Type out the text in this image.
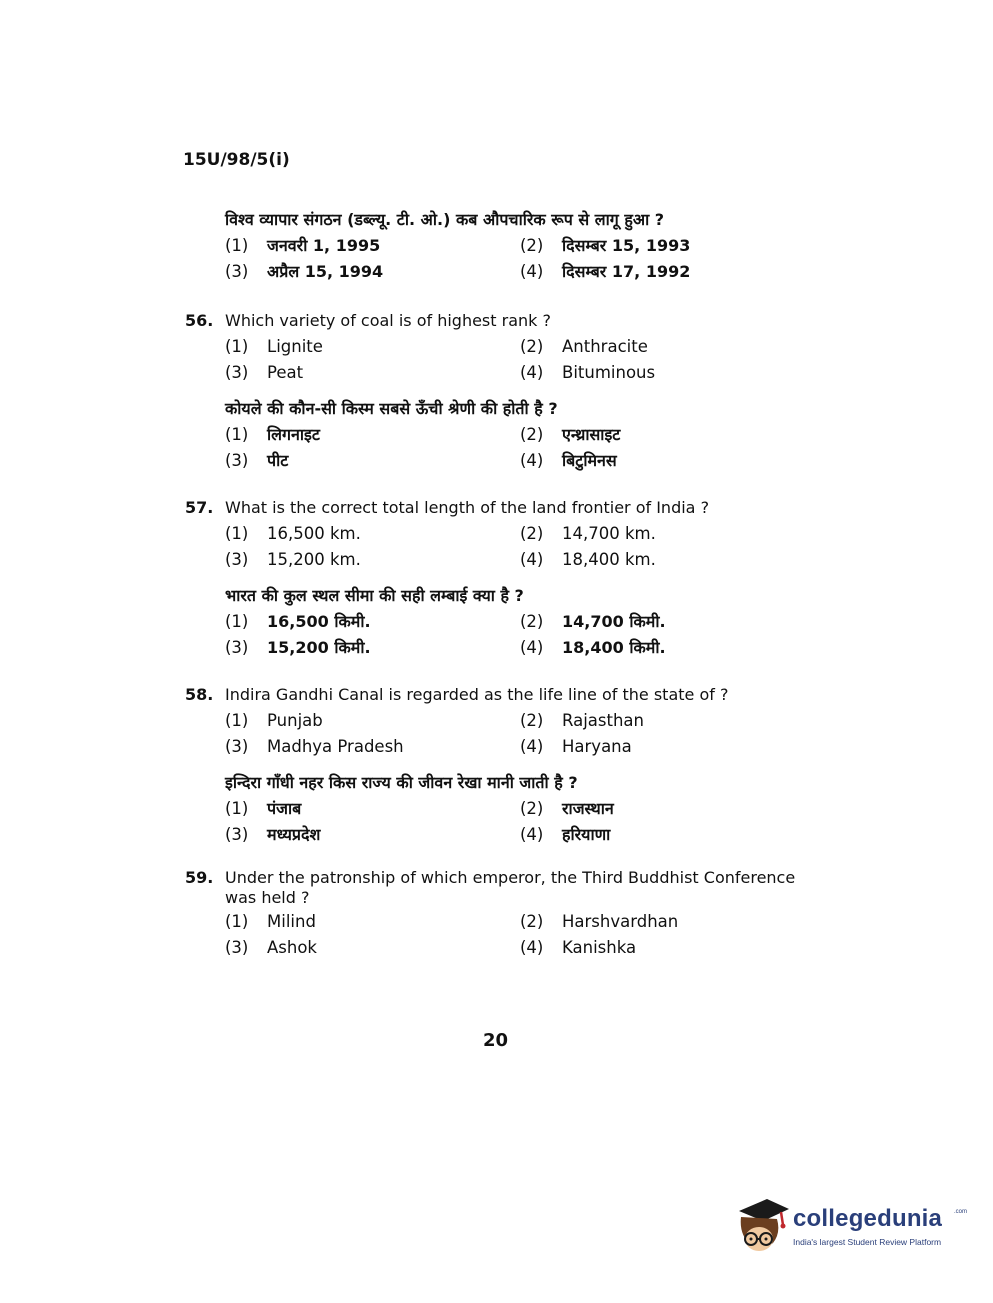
15U/98/5(i)
विश्व व्यापार संगठन (डब्ल्यू. टी. ओ.) कब औपचारिक रूप से लागू हुआ ?
(1) जनवरी 1, 1995	(2) दिसम्बर 15, 1993
(3) अप्रैल 15, 1994	(4) दिसम्बर 17, 1992
56. Which variety of coal is of highest rank ?
(1) Lignite	(2) Anthracite
(3) Peat	(4) Bituminous
कोयले की कौन-सी किस्म सबसे ऊँची श्रेणी की होती है ?
(1) लिगनाइट	(2) एन्थ्रासाइट
(3) पीट	(4) बिटुमिनस
57. What is the correct total length of the land frontier of India ?
(1) 16,500 km.	(2) 14,700 km.
(3) 15,200 km.	(4) 18,400 km.
भारत की कुल स्थल सीमा की सही लम्बाई क्या है ?
(1) 16,500 किमी.	(2) 14,700 किमी.
(3) 15,200 किमी.	(4) 18,400 किमी.
58. Indira Gandhi Canal is regarded as the life line of the state of ?
(1) Punjab	(2) Rajasthan
(3) Madhya Pradesh	(4) Haryana
इन्दिरा गाँधी नहर किस राज्य की जीवन रेखा मानी जाती है ?
(1) पंजाब	(2) राजस्थान
(3) मध्यप्रदेश	(4) हरियाणा
59. Under the patronship of which emperor, the Third Buddhist Conference was held ?
(1) Milind	(2) Harshvardhan
(3) Ashok	(4) Kanishka
20
collegedunia .com
India's largest Student Review Platform
